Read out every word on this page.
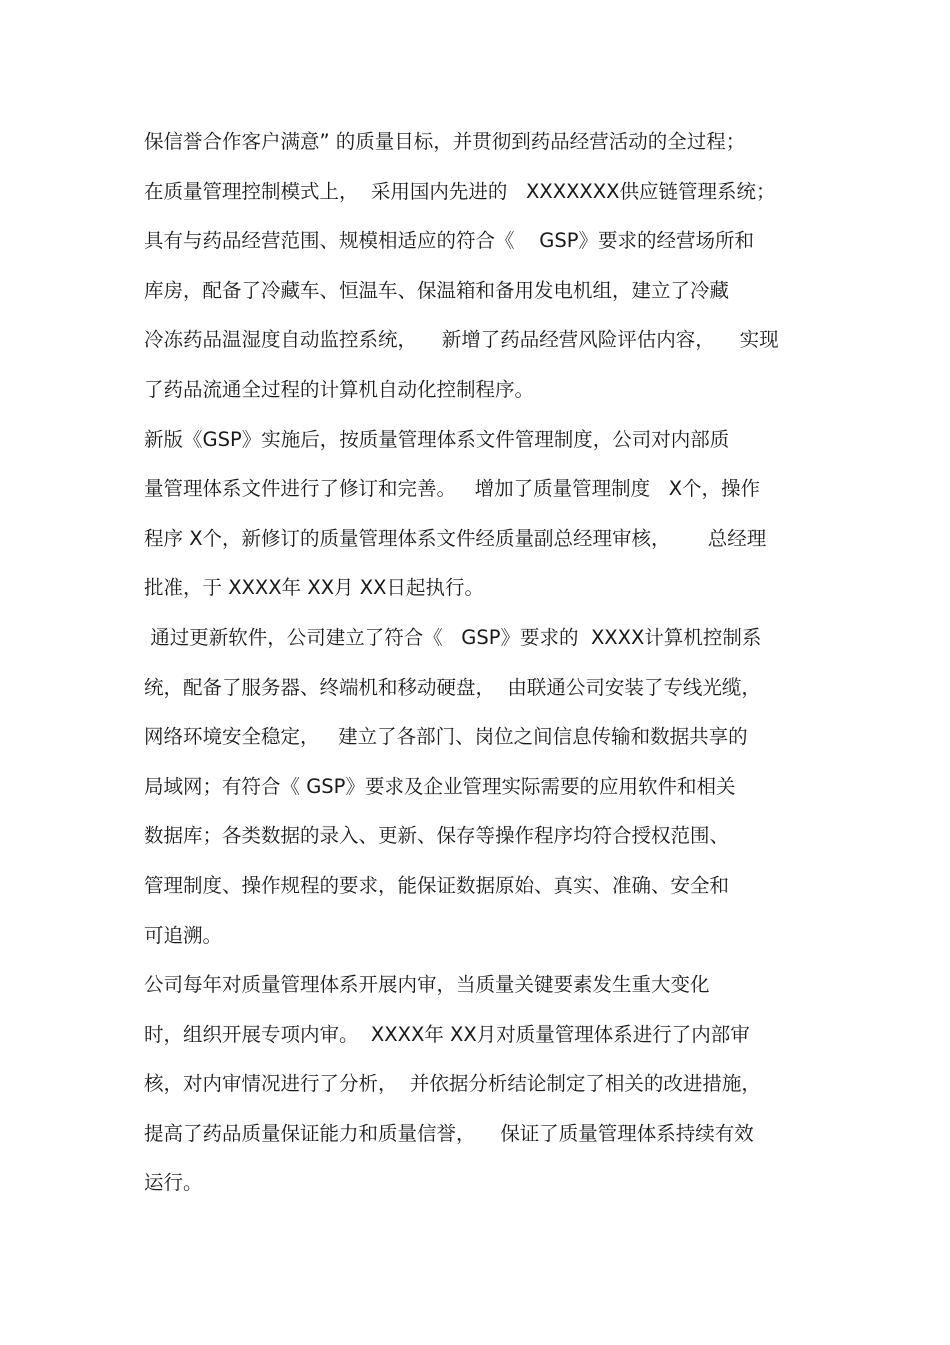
保信誉合作客户满意” 的质量目标，并贯彻到药品经营活动的全过程；
在质量管理控制模式上，  采用国内先进的   XXXXXXX供应链管理系统；
具有与药品经营范围、规模相适应的符合《    GSP》要求的经营场所和
库房，配备了冷藏车、恒温车、保温箱和备用发电机组，建立了冷藏
冷冻药品温湿度自动监控系统，    新增了药品经营风险评估内容，    实现
了药品流通全过程的计算机自动化控制程序。
新版《GSP》实施后，按质量管理体系文件管理制度，公司对内部质
量管理体系文件进行了修订和完善。   增加了质量管理制度   X个，操作
程序 X个，新修订的质量管理体系文件经质量副总经理审核，      总经理
批准，于 XXXX年 XX月 XX日起执行。
通过更新软件，公司建立了符合《   GSP》要求的  XXXX计算机控制系
统，配备了服务器、终端机和移动硬盘，  由联通公司安装了专线光缆，
网络环境安全稳定，   建立了各部门、岗位之间信息传输和数据共享的
局域网；有符合《 GSP》要求及企业管理实际需要的应用软件和相关
数据库；各类数据的录入、更新、保存等操作程序均符合授权范围、
管理制度、操作规程的要求，能保证数据原始、真实、准确、安全和
可追溯。
公司每年对质量管理体系开展内审，当质量关键要素发生重大变化
时，组织开展专项内审。  XXXX年 XX月对质量管理体系进行了内部审
核，对内审情况进行了分析，  并依据分析结论制定了相关的改进措施，
提高了药品质量保证能力和质量信誉，    保证了质量管理体系持续有效
运行。
